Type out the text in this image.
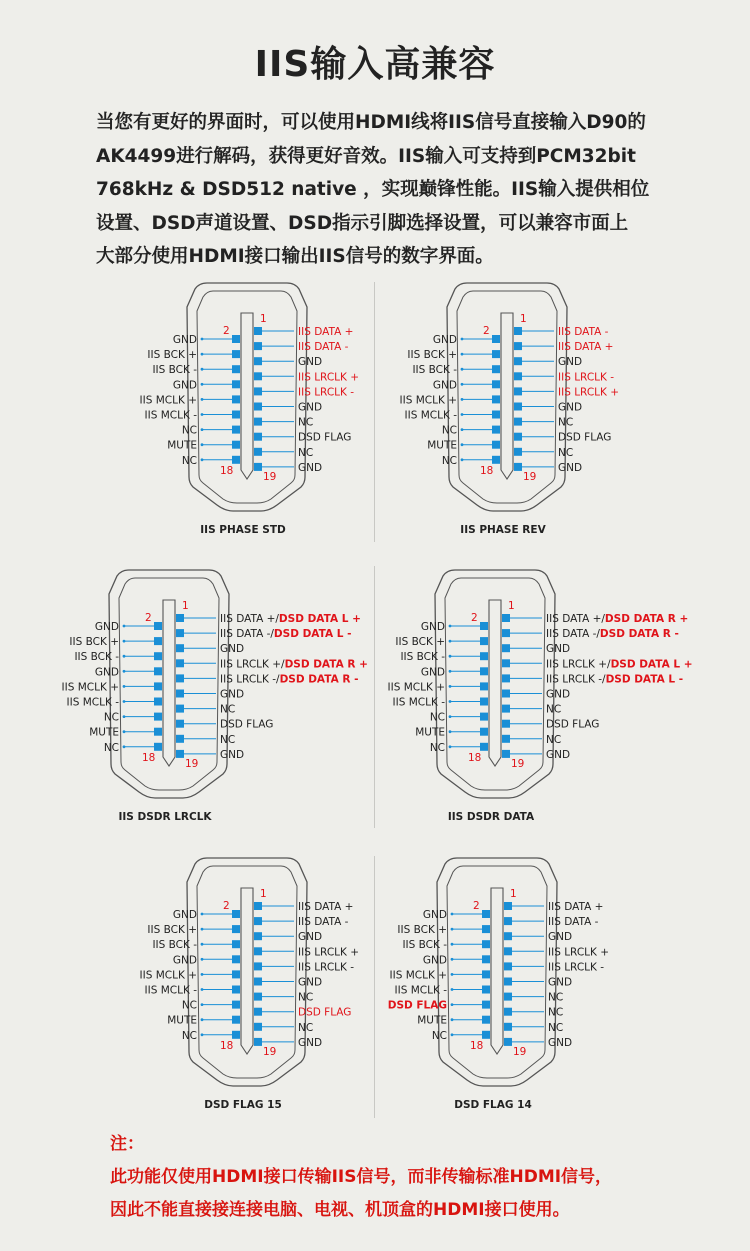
IIS输入高兼容
当您有更好的界面时，可以使用HDMI线将IIS信号直接输入D90的
AK4499进行解码，获得更好音效。IIS输入可支持到PCM32bit
768kHz & DSD512 native ，实现巅锋性能。IIS输入提供相位
设置、DSD声道设置、DSD指示引脚选择设置，可以兼容市面上
大部分使用HDMI接口输出IIS信号的数字界面。
2
1
18
19
IIS DATA +
IIS DATA -
GND
IIS LRCLK +
IIS LRCLK -
GND
NC
DSD FLAG
NC
GND
GND
IIS BCK +
IIS BCK -
GND
IIS MCLK +
IIS MCLK -
NC
MUTE
NC
IIS PHASE STD
2
1
18
19
IIS DATA -
IIS DATA +
GND
IIS LRCLK -
IIS LRCLK +
GND
NC
DSD FLAG
NC
GND
GND
IIS BCK +
IIS BCK -
GND
IIS MCLK +
IIS MCLK -
NC
MUTE
NC
IIS PHASE REV
2
1
18
19
IIS DATA +/DSD DATA L +
IIS DATA -/DSD DATA L -
GND
IIS LRCLK +/DSD DATA R +
IIS LRCLK -/DSD DATA R -
GND
NC
DSD FLAG
NC
GND
GND
IIS BCK +
IIS BCK -
GND
IIS MCLK +
IIS MCLK -
NC
MUTE
NC
IIS DSDR LRCLK
2
1
18
19
IIS DATA +/DSD DATA R +
IIS DATA -/DSD DATA R -
GND
IIS LRCLK +/DSD DATA L +
IIS LRCLK -/DSD DATA L -
GND
NC
DSD FLAG
NC
GND
GND
IIS BCK +
IIS BCK -
GND
IIS MCLK +
IIS MCLK -
NC
MUTE
NC
IIS DSDR DATA
2
1
18
19
IIS DATA +
IIS DATA -
GND
IIS LRCLK +
IIS LRCLK -
GND
NC
DSD FLAG
NC
GND
GND
IIS BCK +
IIS BCK -
GND
IIS MCLK +
IIS MCLK -
NC
MUTE
NC
DSD FLAG 15
2
1
18
19
IIS DATA +
IIS DATA -
GND
IIS LRCLK +
IIS LRCLK -
GND
NC
NC
NC
GND
GND
IIS BCK +
IIS BCK -
GND
IIS MCLK +
IIS MCLK -
DSD FLAG
MUTE
NC
DSD FLAG 14
注：
此功能仅使用HDMI接口传输IIS信号，而非传输标准HDMI信号，
因此不能直接接连接电脑、电视、机顶盒的HDMI接口使用。
